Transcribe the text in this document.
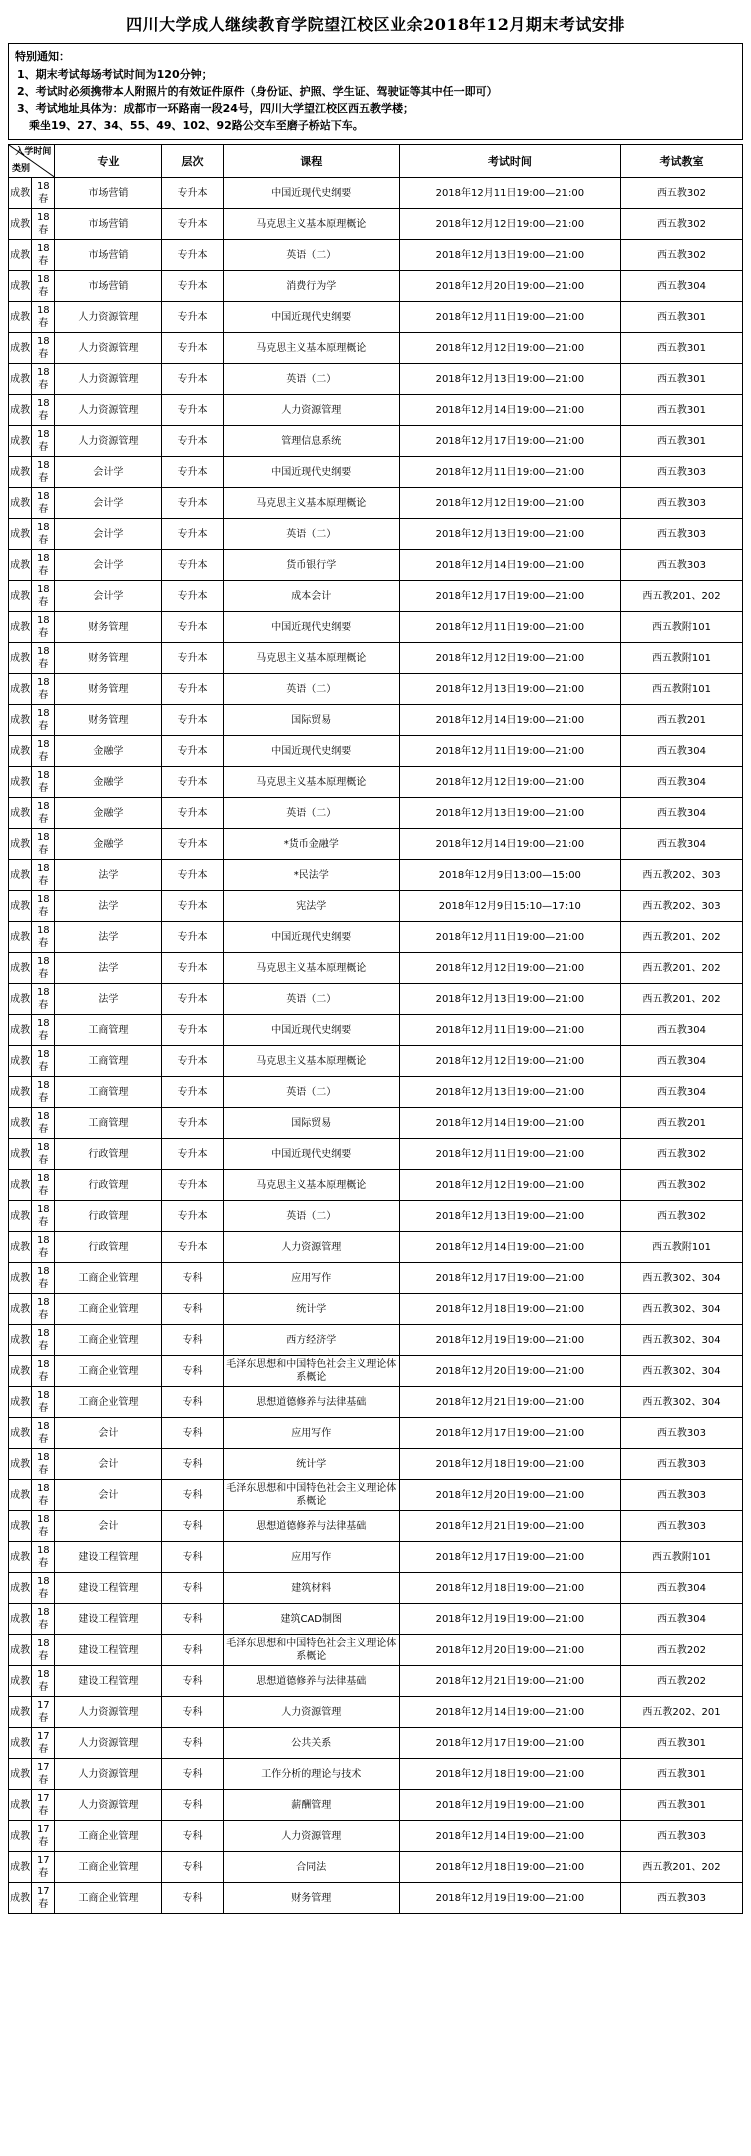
四川大学成人继续教育学院望江校区业余2018年12月期末考试安排
特别通知：
1、期末考试每场考试时间为120分钟；
2、考试时必须携带本人附照片的有效证件原件（身份证、护照、学生证、驾驶证等其中任一即可）
3、考试地址具体为：成都市一环路南一段24号，四川大学望江校区西五教学楼；
乘坐19、27、34、55、49、102、92路公交车至磨子桥站下车。
入学时间
类别		专业	层次	课程	考试时间	考试教室
成教	18春	市场营销	专升本	中国近现代史纲要	2018年12月11日19:00—21:00	西五教302
成教	18春	市场营销	专升本	马克思主义基本原理概论	2018年12月12日19:00—21:00	西五教302
成教	18春	市场营销	专升本	英语（二）	2018年12月13日19:00—21:00	西五教302
成教	18春	市场营销	专升本	消费行为学	2018年12月20日19:00—21:00	西五教304
成教	18春	人力资源管理	专升本	中国近现代史纲要	2018年12月11日19:00—21:00	西五教301
成教	18春	人力资源管理	专升本	马克思主义基本原理概论	2018年12月12日19:00—21:00	西五教301
成教	18春	人力资源管理	专升本	英语（二）	2018年12月13日19:00—21:00	西五教301
成教	18春	人力资源管理	专升本	人力资源管理	2018年12月14日19:00—21:00	西五教301
成教	18春	人力资源管理	专升本	管理信息系统	2018年12月17日19:00—21:00	西五教301
成教	18春	会计学	专升本	中国近现代史纲要	2018年12月11日19:00—21:00	西五教303
成教	18春	会计学	专升本	马克思主义基本原理概论	2018年12月12日19:00—21:00	西五教303
成教	18春	会计学	专升本	英语（二）	2018年12月13日19:00—21:00	西五教303
成教	18春	会计学	专升本	货币银行学	2018年12月14日19:00—21:00	西五教303
成教	18春	会计学	专升本	成本会计	2018年12月17日19:00—21:00	西五教201、202
成教	18春	财务管理	专升本	中国近现代史纲要	2018年12月11日19:00—21:00	西五教附101
成教	18春	财务管理	专升本	马克思主义基本原理概论	2018年12月12日19:00—21:00	西五教附101
成教	18春	财务管理	专升本	英语（二）	2018年12月13日19:00—21:00	西五教附101
成教	18春	财务管理	专升本	国际贸易	2018年12月14日19:00—21:00	西五教201
成教	18春	金融学	专升本	中国近现代史纲要	2018年12月11日19:00—21:00	西五教304
成教	18春	金融学	专升本	马克思主义基本原理概论	2018年12月12日19:00—21:00	西五教304
成教	18春	金融学	专升本	英语（二）	2018年12月13日19:00—21:00	西五教304
成教	18春	金融学	专升本	*货币金融学	2018年12月14日19:00—21:00	西五教304
成教	18春	法学	专升本	*民法学	2018年12月9日13:00—15:00	西五教202、303
成教	18春	法学	专升本	宪法学	2018年12月9日15:10—17:10	西五教202、303
成教	18春	法学	专升本	中国近现代史纲要	2018年12月11日19:00—21:00	西五教201、202
成教	18春	法学	专升本	马克思主义基本原理概论	2018年12月12日19:00—21:00	西五教201、202
成教	18春	法学	专升本	英语（二）	2018年12月13日19:00—21:00	西五教201、202
成教	18春	工商管理	专升本	中国近现代史纲要	2018年12月11日19:00—21:00	西五教304
成教	18春	工商管理	专升本	马克思主义基本原理概论	2018年12月12日19:00—21:00	西五教304
成教	18春	工商管理	专升本	英语（二）	2018年12月13日19:00—21:00	西五教304
成教	18春	工商管理	专升本	国际贸易	2018年12月14日19:00—21:00	西五教201
成教	18春	行政管理	专升本	中国近现代史纲要	2018年12月11日19:00—21:00	西五教302
成教	18春	行政管理	专升本	马克思主义基本原理概论	2018年12月12日19:00—21:00	西五教302
成教	18春	行政管理	专升本	英语（二）	2018年12月13日19:00—21:00	西五教302
成教	18春	行政管理	专升本	人力资源管理	2018年12月14日19:00—21:00	西五教附101
成教	18春	工商企业管理	专科	应用写作	2018年12月17日19:00—21:00	西五教302、304
成教	18春	工商企业管理	专科	统计学	2018年12月18日19:00—21:00	西五教302、304
成教	18春	工商企业管理	专科	西方经济学	2018年12月19日19:00—21:00	西五教302、304
成教	18春	工商企业管理	专科	毛泽东思想和中国特色社会主义理论体系概论	2018年12月20日19:00—21:00	西五教302、304
成教	18春	工商企业管理	专科	思想道德修养与法律基础	2018年12月21日19:00—21:00	西五教302、304
成教	18春	会计	专科	应用写作	2018年12月17日19:00—21:00	西五教303
成教	18春	会计	专科	统计学	2018年12月18日19:00—21:00	西五教303
成教	18春	会计	专科	毛泽东思想和中国特色社会主义理论体系概论	2018年12月20日19:00—21:00	西五教303
成教	18春	会计	专科	思想道德修养与法律基础	2018年12月21日19:00—21:00	西五教303
成教	18春	建设工程管理	专科	应用写作	2018年12月17日19:00—21:00	西五教附101
成教	18春	建设工程管理	专科	建筑材料	2018年12月18日19:00—21:00	西五教304
成教	18春	建设工程管理	专科	建筑CAD制图	2018年12月19日19:00—21:00	西五教304
成教	18春	建设工程管理	专科	毛泽东思想和中国特色社会主义理论体系概论	2018年12月20日19:00—21:00	西五教202
成教	18春	建设工程管理	专科	思想道德修养与法律基础	2018年12月21日19:00—21:00	西五教202
成教	17春	人力资源管理	专科	人力资源管理	2018年12月14日19:00—21:00	西五教202、201
成教	17春	人力资源管理	专科	公共关系	2018年12月17日19:00—21:00	西五教301
成教	17春	人力资源管理	专科	工作分析的理论与技术	2018年12月18日19:00—21:00	西五教301
成教	17春	人力资源管理	专科	薪酬管理	2018年12月19日19:00—21:00	西五教301
成教	17春	工商企业管理	专科	人力资源管理	2018年12月14日19:00—21:00	西五教303
成教	17春	工商企业管理	专科	合同法	2018年12月18日19:00—21:00	西五教201、202
成教	17春	工商企业管理	专科	财务管理	2018年12月19日19:00—21:00	西五教303
